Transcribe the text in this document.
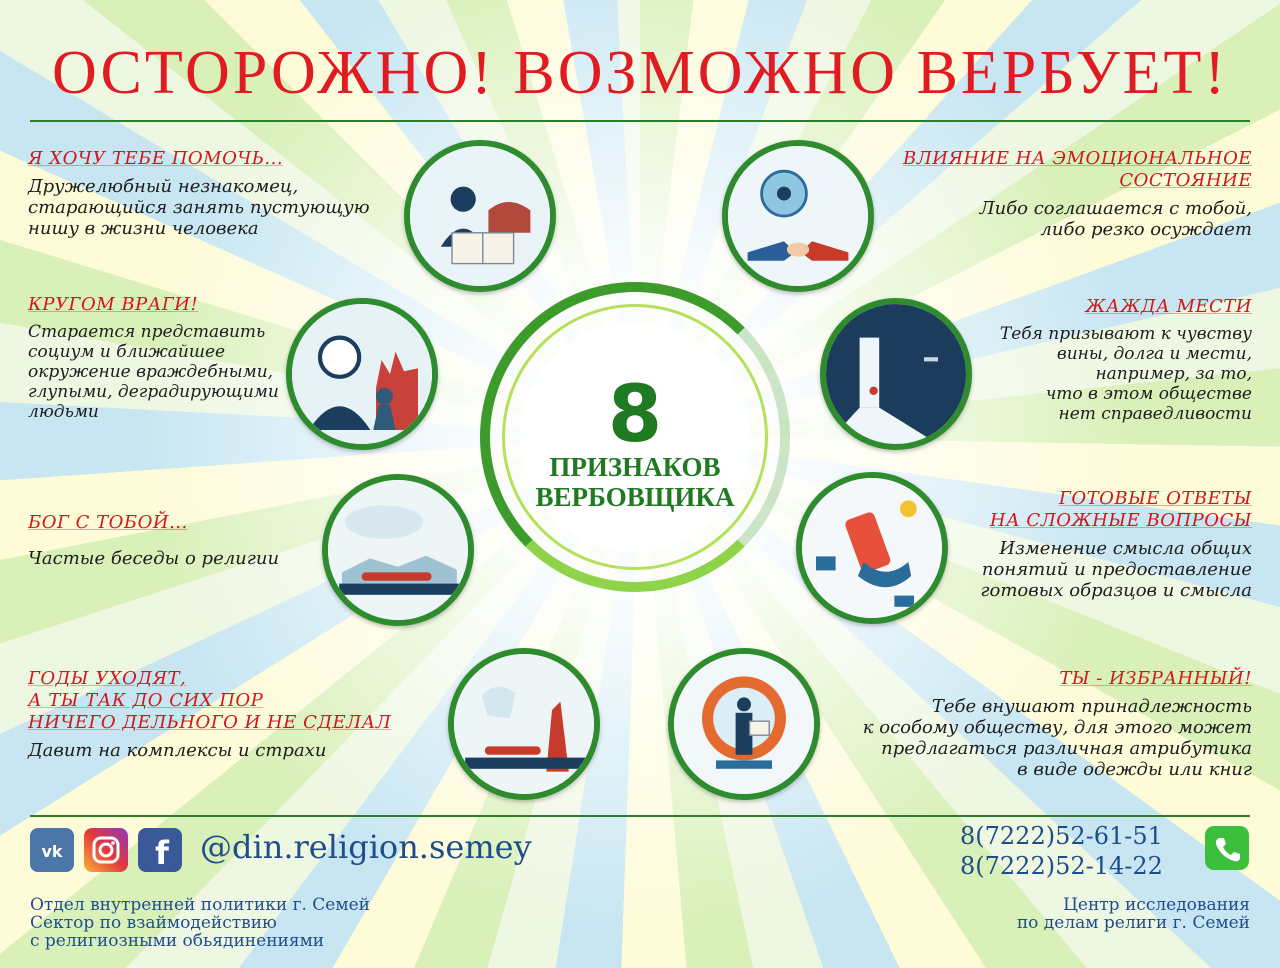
ОСТОРОЖНО! ВОЗМОЖНО ВЕРБУЕТ!
Я ХОЧУ ТЕБЕ ПОМОЧЬ...
Дружелюбный незнакомец,
старающийся занять пустующую
нишу в жизни человека
КРУГОМ ВРАГИ!
Старается представить
социум и ближайшее
окружение враждебными,
глупыми, деградирующими
людьми
БОГ С ТОБОЙ...
Частые беседы о религии
ГОДЫ УХОДЯТ,
А ТЫ ТАК ДО СИХ ПОР
НИЧЕГО ДЕЛЬНОГО И НЕ СДЕЛАЛ
Давит на комплексы и страхи
ВЛИЯНИЕ НА ЭМОЦИОНАЛЬНОЕ
СОСТОЯНИЕ
Либо соглашается с тобой,
либо резко осуждает
ЖАЖДА МЕСТИ
Тебя призывают к чувству
вины, долга и мести,
например, за то,
что в этом обществе
нет справедливости
ГОТОВЫЕ ОТВЕТЫ
НА СЛОЖНЫЕ ВОПРОСЫ
Изменение смысла общих
понятий и предоставление
готовых образцов и смысла
ТЫ - ИЗБРАННЫЙ!
Тебе внушают принадлежность
к особому обществу, для этого может
предлагаться различная атрибутика
в виде одежды или книг
8
ПРИЗНАКОВ
ВЕРБОВЩИКА
vk	f @din.religion.semey	8(7222)52-61-51
8(7222)52-14-22
Отдел внутренней политики г. Семей
Сектор по взаймодействию
с религиозными обьядинениями
Центр исследования
по делам религи г. Семей
